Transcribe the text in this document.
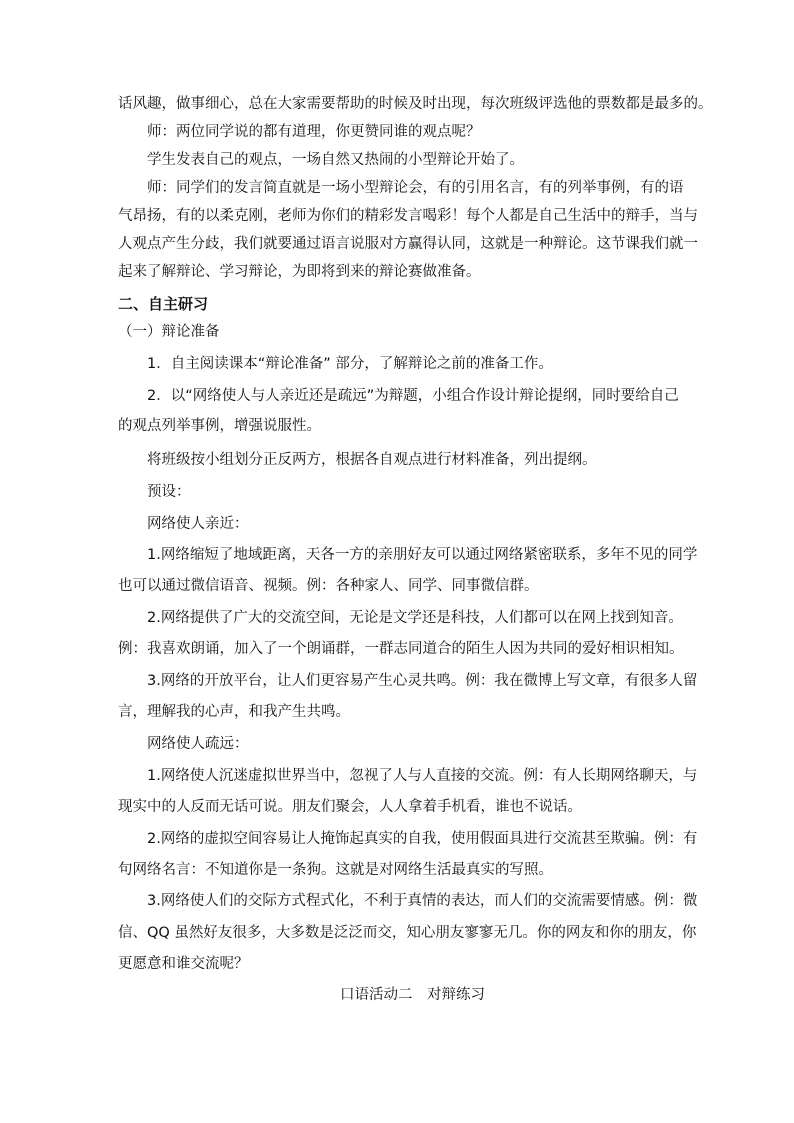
话风趣，做事细心，总在大家需要帮助的时候及时出现，每次班级评选他的票数都是最多的。
师：两位同学说的都有道理，你更赞同谁的观点呢？
学生发表自己的观点，一场自然又热闹的小型辩论开始了。
师：同学们的发言简直就是一场小型辩论会，有的引用名言，有的列举事例，有的语
气昂扬，有的以柔克刚，老师为你们的精彩发言喝彩！每个人都是自己生活中的辩手，当与
人观点产生分歧，我们就要通过语言说服对方赢得认同，这就是一种辩论。这节课我们就一
起来了解辩论、学习辩论，为即将到来的辩论赛做准备。
二、自主研习
（一）辩论准备
1．自主阅读课本“辩论准备” 部分，了解辩论之前的准备工作。
2．以“网络使人与人亲近还是疏远”为辩题，小组合作设计辩论提纲，同时要给自己
的观点列举事例，增强说服性。
将班级按小组划分正反两方，根据各自观点进行材料准备，列出提纲。
预设：
网络使人亲近：
1.网络缩短了地域距离，天各一方的亲朋好友可以通过网络紧密联系，多年不见的同学
也可以通过微信语音、视频。例：各种家人、同学、同事微信群。
2.网络提供了广大的交流空间，无论是文学还是科技，人们都可以在网上找到知音。
例：我喜欢朗诵，加入了一个朗诵群，一群志同道合的陌生人因为共同的爱好相识相知。
3.网络的开放平台，让人们更容易产生心灵共鸣。例：我在微博上写文章，有很多人留
言，理解我的心声，和我产生共鸣。
网络使人疏远：
1.网络使人沉迷虚拟世界当中，忽视了人与人直接的交流。例：有人长期网络聊天，与
现实中的人反而无话可说。朋友们聚会，人人拿着手机看，谁也不说话。
2.网络的虚拟空间容易让人掩饰起真实的自我，使用假面具进行交流甚至欺骗。例：有
句网络名言：不知道你是一条狗。这就是对网络生活最真实的写照。
3.网络使人们的交际方式程式化，不利于真情的表达，而人们的交流需要情感。例：微
信、QQ 虽然好友很多，大多数是泛泛而交，知心朋友寥寥无几。你的网友和你的朋友，你
更愿意和谁交流呢？
口语活动二　对辩练习
